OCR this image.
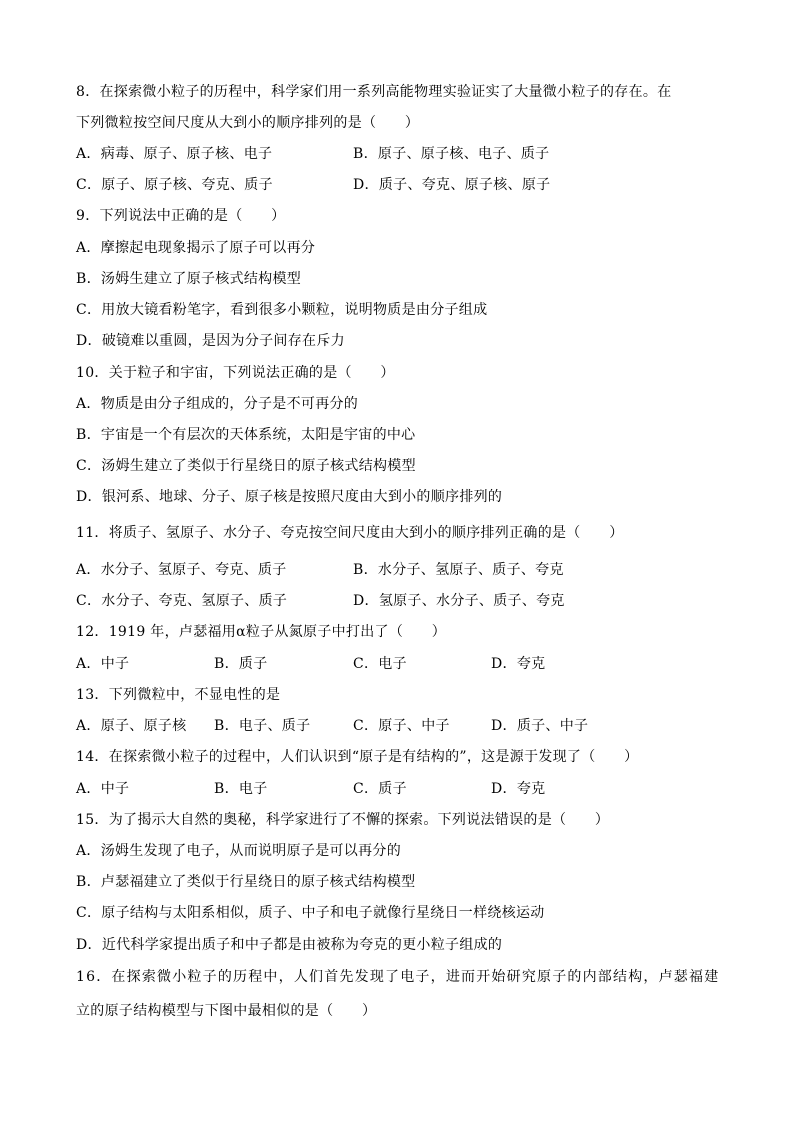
8．在探索微小粒子的历程中，科学家们用一系列高能物理实验证实了大量微小粒子的存在。在
下列微粒按空间尺度从大到小的顺序排列的是（　　）
A．病毒、原子、原子核、电子	B．原子、原子核、电子、质子
C．原子、原子核、夸克、质子	D．质子、夸克、原子核、原子
9．下列说法中正确的是（　　）
A．摩擦起电现象揭示了原子可以再分
B．汤姆生建立了原子核式结构模型
C．用放大镜看粉笔字，看到很多小颗粒，说明物质是由分子组成
D．破镜难以重圆，是因为分子间存在斥力
10．关于粒子和宇宙，下列说法正确的是（　　）
A．物质是由分子组成的，分子是不可再分的
B．宇宙是一个有层次的天体系统，太阳是宇宙的中心
C．汤姆生建立了类似于行星绕日的原子核式结构模型
D．银河系、地球、分子、原子核是按照尺度由大到小的顺序排列的
11．将质子、氢原子、水分子、夸克按空间尺度由大到小的顺序排列正确的是（　　）
A．水分子、氢原子、夸克、质子	B．水分子、氢原子、质子、夸克
C．水分子、夸克、氢原子、质子	D．氢原子、水分子、质子、夸克
12．1919 年，卢瑟福用α粒子从氮原子中打出了（　　）
A．中子	B．质子	C．电子	D．夸克
13．下列微粒中，不显电性的是
A．原子、原子核 B．电子、质子	C．原子、中子	D．质子、中子
14．在探索微小粒子的过程中，人们认识到“原子是有结构的”，这是源于发现了（　　）
A．中子	B．电子	C．质子	D．夸克
15．为了揭示大自然的奥秘，科学家进行了不懈的探索。下列说法错误的是（　　）
A．汤姆生发现了电子，从而说明原子是可以再分的
B．卢瑟福建立了类似于行星绕日的原子核式结构模型
C．原子结构与太阳系相似，质子、中子和电子就像行星绕日一样绕核运动
D．近代科学家提出质子和中子都是由被称为夸克的更小粒子组成的
16．在探索微小粒子的历程中，人们首先发现了电子，进而开始研究原子的内部结构，卢瑟福建
立的原子结构模型与下图中最相似的是（　　）
